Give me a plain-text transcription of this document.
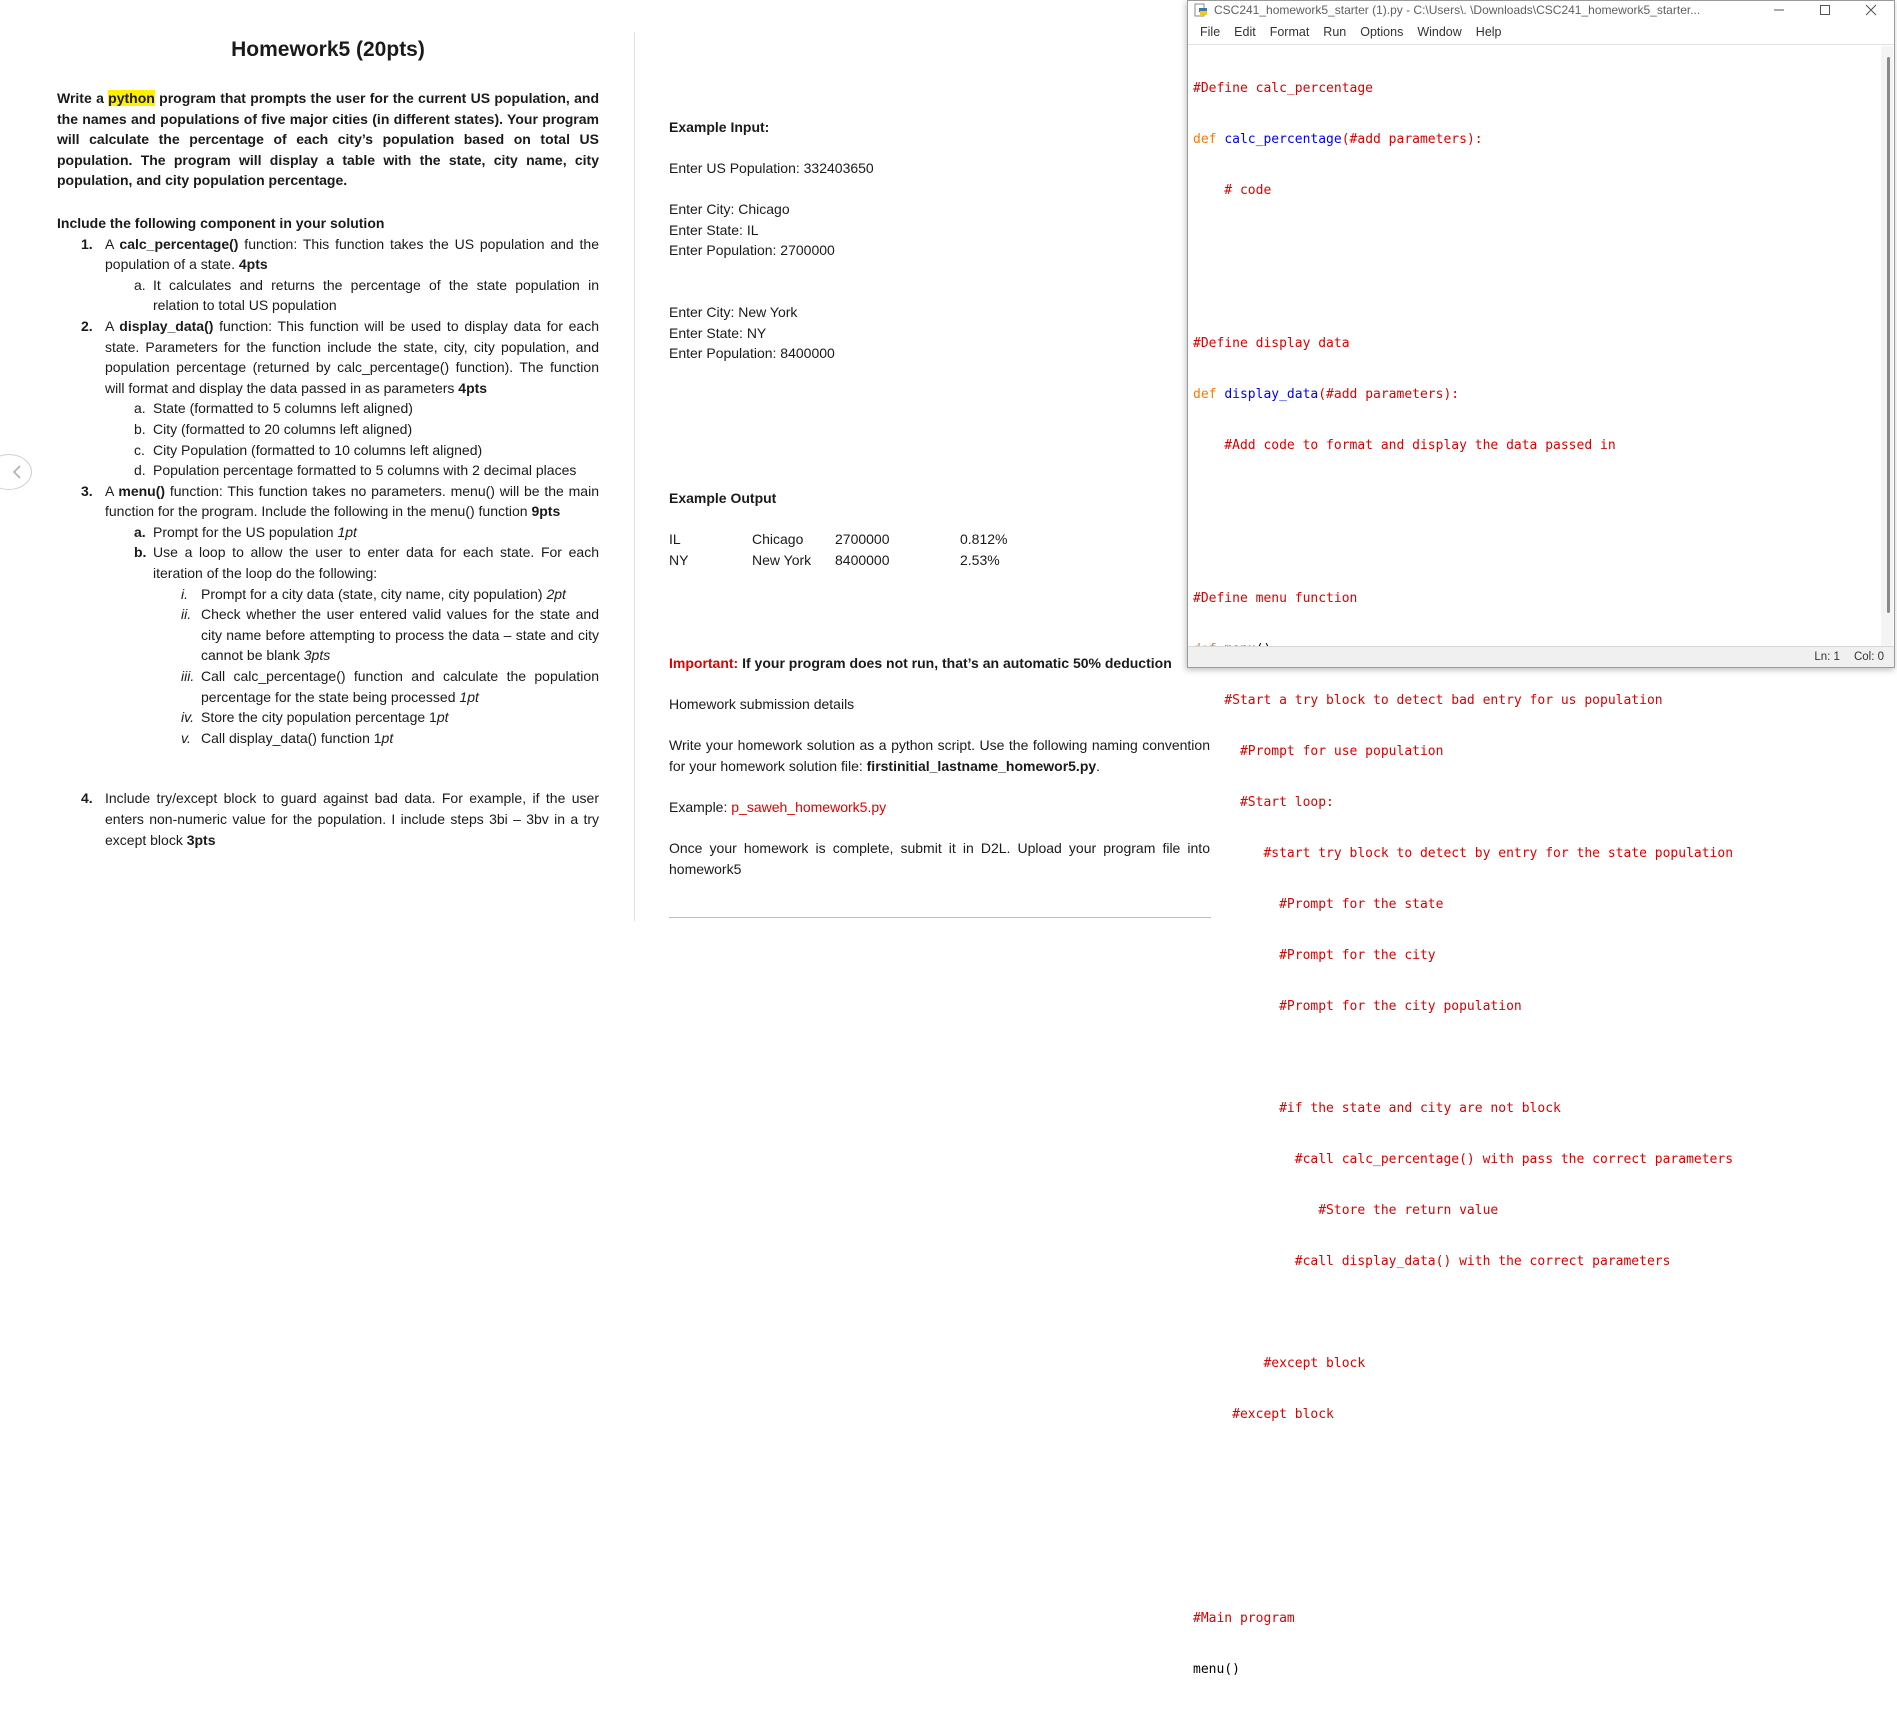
Homework5 (20pts)
Write a python program that prompts the user for the current US population, and the names and populations of five major cities (in different states). Your program will calculate the percentage of each city’s population based on total US population. The program will display a table with the state, city name, city population, and city population percentage.
Include the following component in your solution
1. A calc_percentage() function: This function takes the US population and the population of a state. 4pts
a. It calculates and returns the percentage of the state population in relation to total US population
2. A display_data() function: This function will be used to display data for each state. Parameters for the function include the state, city, city population, and population percentage (returned by calc_percentage() function). The function will format and display the data passed in as parameters 4pts
a. State (formatted to 5 columns left aligned)
b. City (formatted to 20 columns left aligned)
c. City Population (formatted to 10 columns left aligned)
d. Population percentage formatted to 5 columns with 2 decimal places
3. A menu() function: This function takes no parameters. menu() will be the main function for the program. Include the following in the menu() function 9pts
a. Prompt for the US population 1pt
b. Use a loop to allow the user to enter data for each state. For each iteration of the loop do the following:
i. Prompt for a city data (state, city name, city population) 2pt
ii. Check whether the user entered valid values for the state and city name before attempting to process the data – state and city cannot be blank 3pts
iii. Call calc_percentage() function and calculate the population percentage for the state being processed 1pt
iv. Store the city population percentage 1pt
v. Call display_data() function 1pt
4. Include try/except block to guard against bad data. For example, if the user enters non-numeric value for the population. I include steps 3bi – 3bv in a try except block 3pts
Example Input:
Enter US Population: 332403650
Enter City: Chicago
Enter State: IL
Enter Population: 2700000
Enter City: New York
Enter State: NY
Enter Population: 8400000
Example Output
IL	Chicago 2700000	0.812%
NY	New York 8400000	2.53%
Important: If your program does not run, that’s an automatic 50% deduction
Homework submission details
Write your homework solution as a python script. Use the following naming convention for your homework solution file: firstinitial_lastname_homewor5.py.
Example: p_saweh_homework5.py
Once your homework is complete, submit it in D2L. Upload your program file into homework5
CSC241_homework5_starter (1).py - C:\Users\. \Downloads\CSC241_homework5_starter...
File	Edit	Format	Run	Options	Window	Help

#Define calc_percentage

def calc_percentage(#add parameters):

# code

#Define display data

def display_data(#add parameters):

#Add code to format and display the data passed in

#Define menu function

#Start a try block to detect bad entry for us population

#Prompt for use population

#Start loop:

#start try block to detect by entry for the state population

#Prompt for the state

#Prompt for the city

#Prompt for the city population

#if the state and city are not block

#call calc_percentage() with pass the correct parameters

#Store the return value

#call display_data() with the correct parameters

#except block

#except block

#Main program

menu()

Ln: 1 Col: 0
